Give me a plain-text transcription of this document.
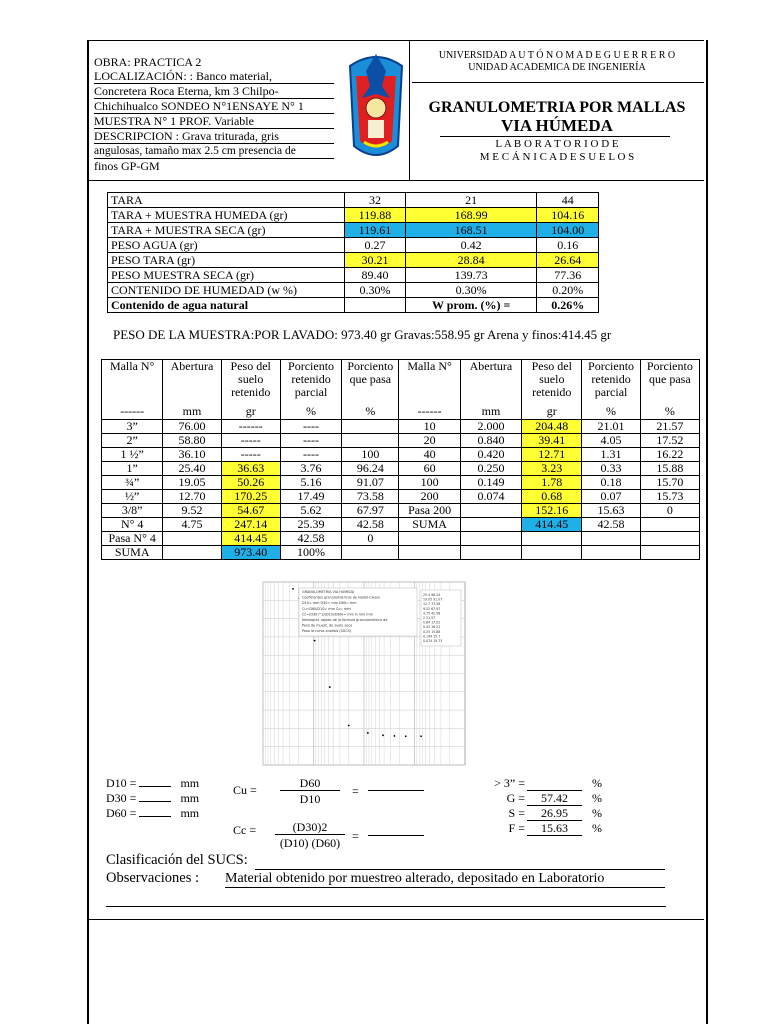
OBRA: PRACTICA 2
LOCALIZACIÓN: : Banco material,
Concretera Roca Eterna, km 3 Chilpo-
Chichihualco SONDEO N°1ENSAYE N° 1
MUESTRA N° 1 PROF. Variable
DESCRIPCION : Grava triturada, gris
angulosas, tamaño max 2.5 cm presencia de
finos GP-GM
UNIVERSIDAD A U T Ó N O M A D E G U E R R E R O
UNIDAD ACADEMICA DE INGENIERÍA
GRANULOMETRIA POR MALLAS
VIA HÚMEDA
L A B O R A T O R I O D E
M E C Á N I C A D E S U E L O S
TARA	32	21	44
TARA + MUESTRA HUMEDA (gr)	119.88	168.99	104.16
TARA + MUESTRA SECA (gr)	119.61	168.51	104.00
PESO AGUA (gr)	0.27	0.42	0.16
PESO TARA (gr)	30.21	28.84	26.64
PESO MUESTRA SECA (gr)	89.40	139.73	77.36
CONTENIDO DE HUMEDAD (w %)	0.30%	0.30%	0.20%
Contenido de agua natural		W prom. (%) =	0.26%
PESO DE LA MUESTRA:POR LAVADO: 973.40 gr Gravas:558.95 gr Arena y finos:414.45 gr
Malla N°	Abertura	Peso del suelo retenido	Porciento retenido parcial	Porciento que pasa	Malla N°	Abertura	Peso del suelo retenido	Porciento retenido parcial	Porciento que pasa
------	mm	gr	%	%	------	mm	gr	%	%
3”	76.00	------	----		10	2.000	204.48	21.01	21.57
2”	58.80	-----	----		20	0.840	39.41	4.05	17.52
1 ½”	36.10	-----	----	100	40	0.420	12.71	1.31	16.22
1”	25.40	36.63	3.76	96.24	60	0.250	3.23	0.33	15.88
¾”	19.05	50.26	5.16	91.07	100	0.149	1.78	0.18	15.70
½”	12.70	170.25	17.49	73.58	200	0.074	0.68	0.07	15.73
3/8”	9.52	54.67	5.62	67.97	Pasa 200		152.16	15.63	0
N° 4	4.75	247.14	25.39	42.58	SUMA		414.45	42.58	
Pasa N° 4		414.45	42.58	0					
SUMA		973.40	100%						
GRANULOMETRIA VIA HUMEDA
Coeficientes granulometricos de Hallet-Cleary
D10= mm D30= mm D60= mm
Cu=D60/D10= mm Cc= mm
Cc=(D30)^2/(D10xD60)= mm G mm mm
Nomograf. rapido de la formula granulometrica de
Peso de muest. de suelo seco
Pasa la curva analisis (SUCS)
25.4 96.24
19.05 91.07
12.7 73.58
9.52 67.97
4.75 42.58
2 21.57
0.84 17.52
0.42 16.22
0.25 15.88
0.149 15.7
0.074 15.73
D10 =	mm
D30 =	mm
D60 =	mm
Cu =	D60
D10
=
Cc =	(D30)2
(D10) (D60) =
> 3” =	%
G =	57.42	%
S =	26.95	%
F =	15.63	%
Clasificación del SUCS:
Observaciones : Material obtenido por muestreo alterado, depositado en Laboratorio
